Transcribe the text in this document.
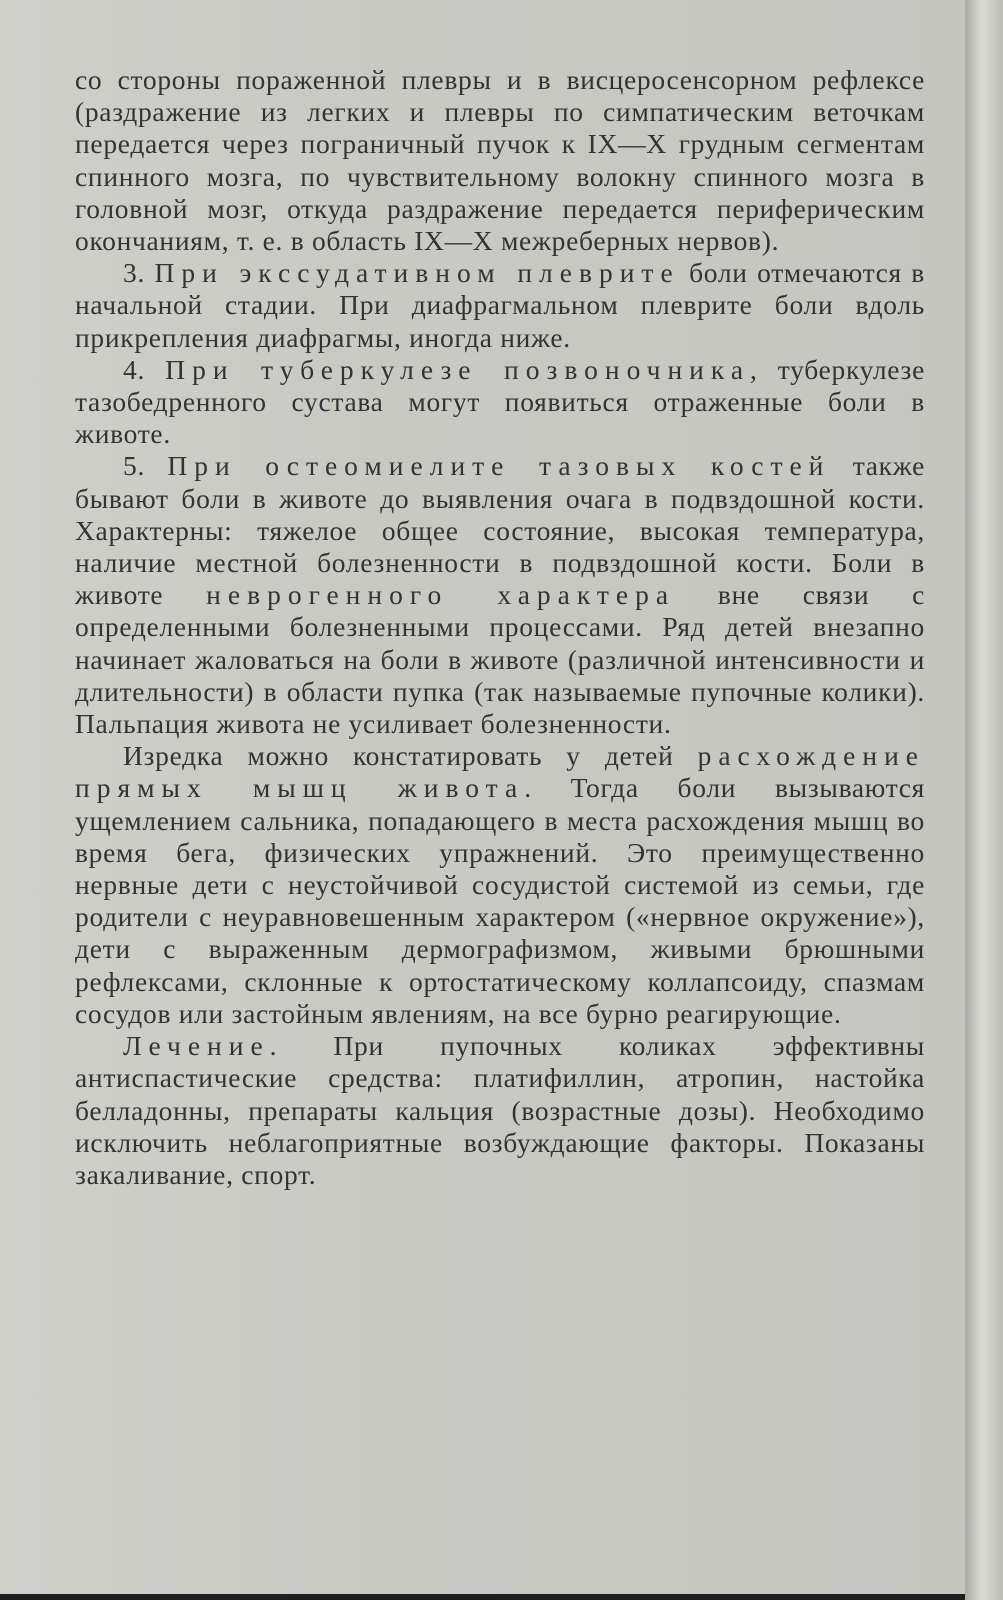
со стороны пораженной плевры и в висцеросенсорном рефлексе (раздражение из легких и плевры по симпатическим веточкам передается через пограничный пучок к IX—X грудным сегментам спинного мозга, по чувствительному волокну спинного мозга в головной мозг, откуда раздражение передается периферическим окончаниям, т. е. в область IX—X межреберных нервов).

3. При экссудативном плеврите боли отмечаются в начальной стадии. При диафрагмальном плеврите боли вдоль прикрепления диафрагмы, иногда ниже.

4. При туберкулезе позвоночника, туберкулезе тазобедренного сустава могут появиться отраженные боли в животе.

5. При остеомиелите тазовых костей также бывают боли в животе до выявления очага в подвздошной кости. Характерны: тяжелое общее состояние, высокая температура, наличие местной болезненности в подвздошной кости. Боли в животе неврогенного характера вне связи с определенными болезненными процессами. Ряд детей внезапно начинает жаловаться на боли в животе (различной интенсивности и длительности) в области пупка (так называемые пупочные колики). Пальпация живота не усиливает болезненности.

Изредка можно констатировать у детей расхождение прямых мышц живота. Тогда боли вызываются ущемлением сальника, попадающего в места расхождения мышц во время бега, физических упражнений. Это преимущественно нервные дети с неустойчивой сосудистой системой из семьи, где родители с неуравновешенным характером («нервное окружение»), дети с выраженным дермографизмом, живыми брюшными рефлексами, склонные к ортостатическому коллапсоиду, спазмам сосудов или застойным явлениям, на все бурно реагирующие.

Лечение. При пупочных коликах эффективны антиспастические средства: платифиллин, атропин, настойка белладонны, препараты кальция (возрастные дозы). Необходимо исключить неблагоприятные возбуждающие факторы. Показаны закаливание, спорт.
